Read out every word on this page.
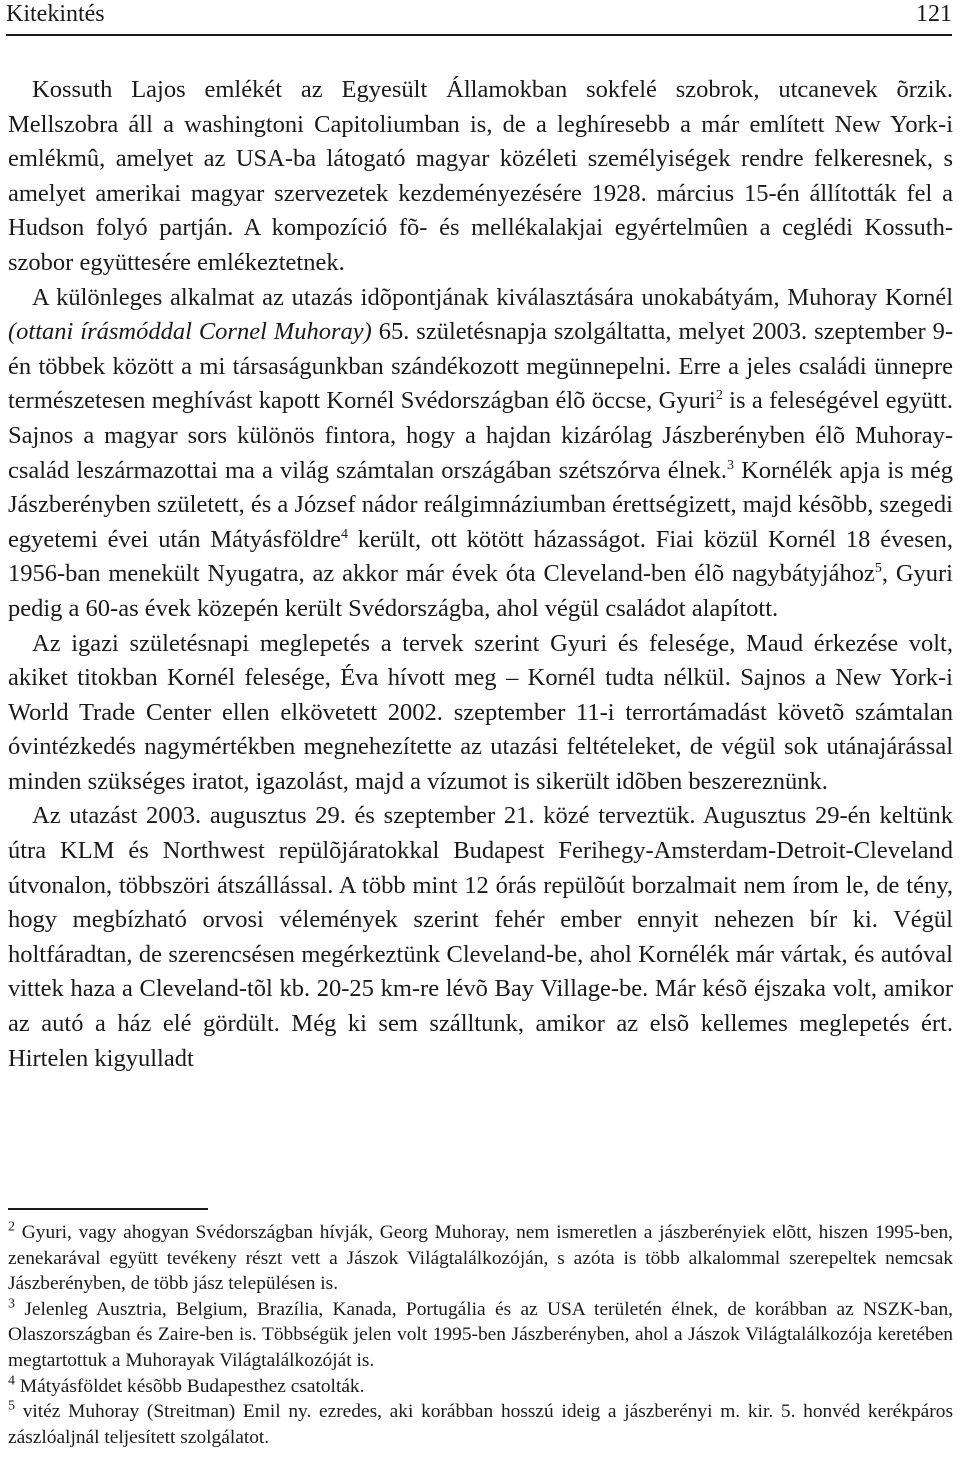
Kitekintés	121

Kossuth Lajos emlékét az Egyesült Államokban sokfelé szobrok, utcanevek õrzik. Mellszobra áll a washingtoni Capitoliumban is, de a leghíresebb a már említett New York-i emlékmû, amelyet az USA-ba látogató magyar közéleti személyiségek rendre felkeresnek, s amelyet amerikai magyar szervezetek kezdeményezésére 1928. március 15-én állították fel a Hudson folyó partján. A kompozíció fõ- és mellékalakjai egyértelmûen a ceglédi Kossuth-szobor együttesére emlékeztetnek.

A különleges alkalmat az utazás idõpontjának kiválasztására unokabátyám, Muhoray Kornél (ottani írásmóddal Cornel Muhoray) 65. születésnapja szolgáltatta, melyet 2003. szeptember 9-én többek között a mi társaságunkban szándékozott megünnepelni. Erre a jeles családi ünnepre természetesen meghívást kapott Kornél Svédországban élõ öccse, Gyuri$^2$ is a feleségével együtt. Sajnos a magyar sors különös fintora, hogy a hajdan kizárólag Jászberényben élõ Muhoray-család leszármazottai ma a világ számtalan országában szétszórva élnek.$^3$ Kornélék apja is még Jászberényben született, és a József nádor reálgimnáziumban érettségizett, majd késõbb, szegedi egyetemi évei után Mátyásföldre$^4$ került, ott kötött házasságot. Fiai közül Kornél 18 évesen, 1956-ban menekült Nyugatra, az akkor már évek óta Cleveland-ben élõ nagybátyjához$^5$, Gyuri pedig a 60-as évek közepén került Svédországba, ahol végül családot alapított.

Az igazi születésnapi meglepetés a tervek szerint Gyuri és felesége, Maud érkezése volt, akiket titokban Kornél felesége, Éva hívott meg – Kornél tudta nélkül. Sajnos a New York-i World Trade Center ellen elkövetett 2002. szeptember 11-i terrortámadást követõ számtalan óvintézkedés nagymértékben megnehezítette az utazási feltételeket, de végül sok utánajárással minden szükséges iratot, igazolást, majd a vízumot is sikerült idõben beszereznünk.

Az utazást 2003. augusztus 29. és szeptember 21. közé terveztük. Augusztus 29-én keltünk útra KLM és Northwest repülõjáratokkal Budapest Ferihegy-Amsterdam-Detroit-Cleveland útvonalon, többszöri átszállással. A több mint 12 órás repülõút borzalmait nem írom le, de tény, hogy megbízható orvosi vélemények szerint fehér ember ennyit nehezen bír ki. Végül holtfáradtan, de szerencsésen megérkeztünk Cleveland-be, ahol Kornélék már vártak, és autóval vittek haza a Cleveland-tõl kb. 20-25 km-re lévõ Bay Village-be. Már késõ éjszaka volt, amikor az autó a ház elé gördült. Még ki sem szálltunk, amikor az elsõ kellemes meglepetés ért. Hirtelen kigyulladt

$^2$ Gyuri, vagy ahogyan Svédországban hívják, Georg Muhoray, nem ismeretlen a jászberényiek elõtt, hiszen 1995-ben, zenekarával együtt tevékeny részt vett a Jászok Világtalálkozóján, s azóta is több alkalommal szerepeltek nemcsak Jászberényben, de több jász településen is.

$^3$ Jelenleg Ausztria, Belgium, Brazília, Kanada, Portugália és az USA területén élnek, de korábban az NSZK-ban, Olaszországban és Zaire-ben is. Többségük jelen volt 1995-ben Jászberényben, ahol a Jászok Világtalálkozója keretében megtartottuk a Muhorayak Világtalálkozóját is.

$^4$ Mátyásföldet késõbb Budapesthez csatolták.

$^5$ vitéz Muhoray (Streitman) Emil ny. ezredes, aki korábban hosszú ideig a jászberényi m. kir. 5. honvéd kerékpáros zászlóaljnál teljesített szolgálatot.
